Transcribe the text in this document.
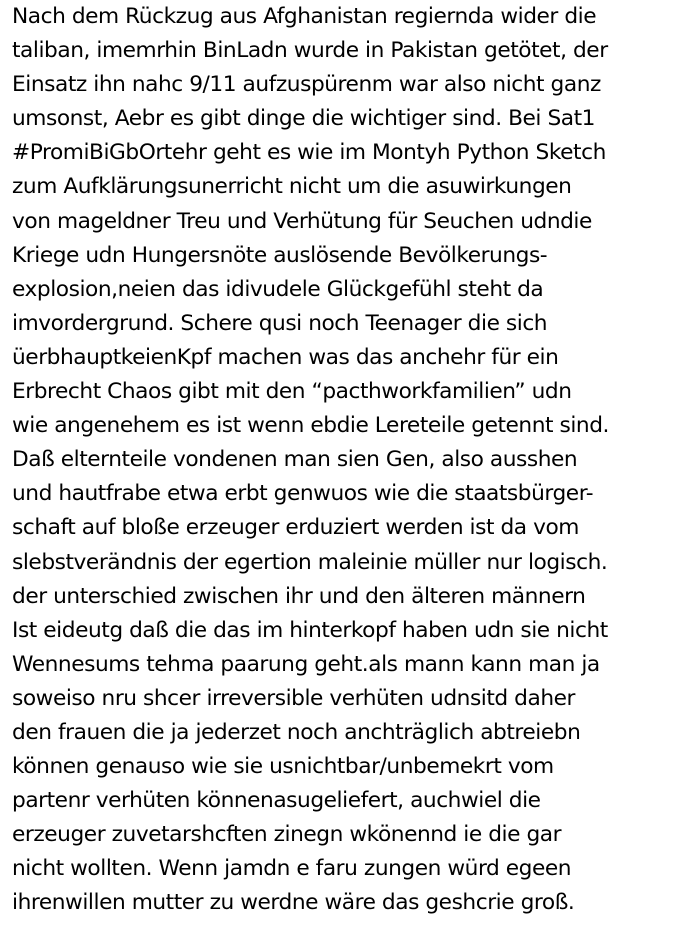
Nach dem Rückzug aus Afghanistan regiernda wider die
taliban, imemrhin BinLadn wurde in Pakistan getötet, der
Einsatz ihn nahc 9/11 aufzuspürenm war also nicht ganz
umsonst, Aebr es gibt dinge die wichtiger sind. Bei Sat1
#PromiBiGbOrtehr geht es wie im Montyh Python Sketch
zum Aufklärungsunerricht nicht um die asuwirkungen
von mageldner Treu und Verhütung für Seuchen udndie
Kriege udn Hungersnöte auslösende Bevölkerungs-
explosion,neien das idivudele Glückgefühl steht da
imvordergrund. Schere qusi noch Teenager die sich
üerbhauptkeienKpf machen was das anchehr für ein
Erbrecht Chaos gibt mit den “pacthworkfamilien” udn
wie angenehem es ist wenn ebdie Lereteile getennt sind.
Daß elternteile vondenen man sien Gen, also ausshen
und hautfrabe etwa erbt genwuos wie die staatsbürger-
schaft auf bloße erzeuger erduziert werden ist da vom
slebstverändnis der egertion maleinie müller nur logisch.
der unterschied zwischen ihr und den älteren männern
Ist eideutg daß die das im hinterkopf haben udn sie nicht
Wennesums tehma paarung geht.als mann kann man ja
soweiso nru shcer irreversible verhüten udnsitd daher
den frauen die ja jederzet noch anchträglich abtreiebn
können genauso wie sie usnichtbar/unbemekrt vom
partenr verhüten könnenasugeliefert, auchwiel die
erzeuger zuvetarshcften zinegn wkönennd ie die gar
nicht wollten. Wenn jamdn e faru zungen würd egeen
ihrenwillen mutter zu werdne wäre das geshcrie groß.
